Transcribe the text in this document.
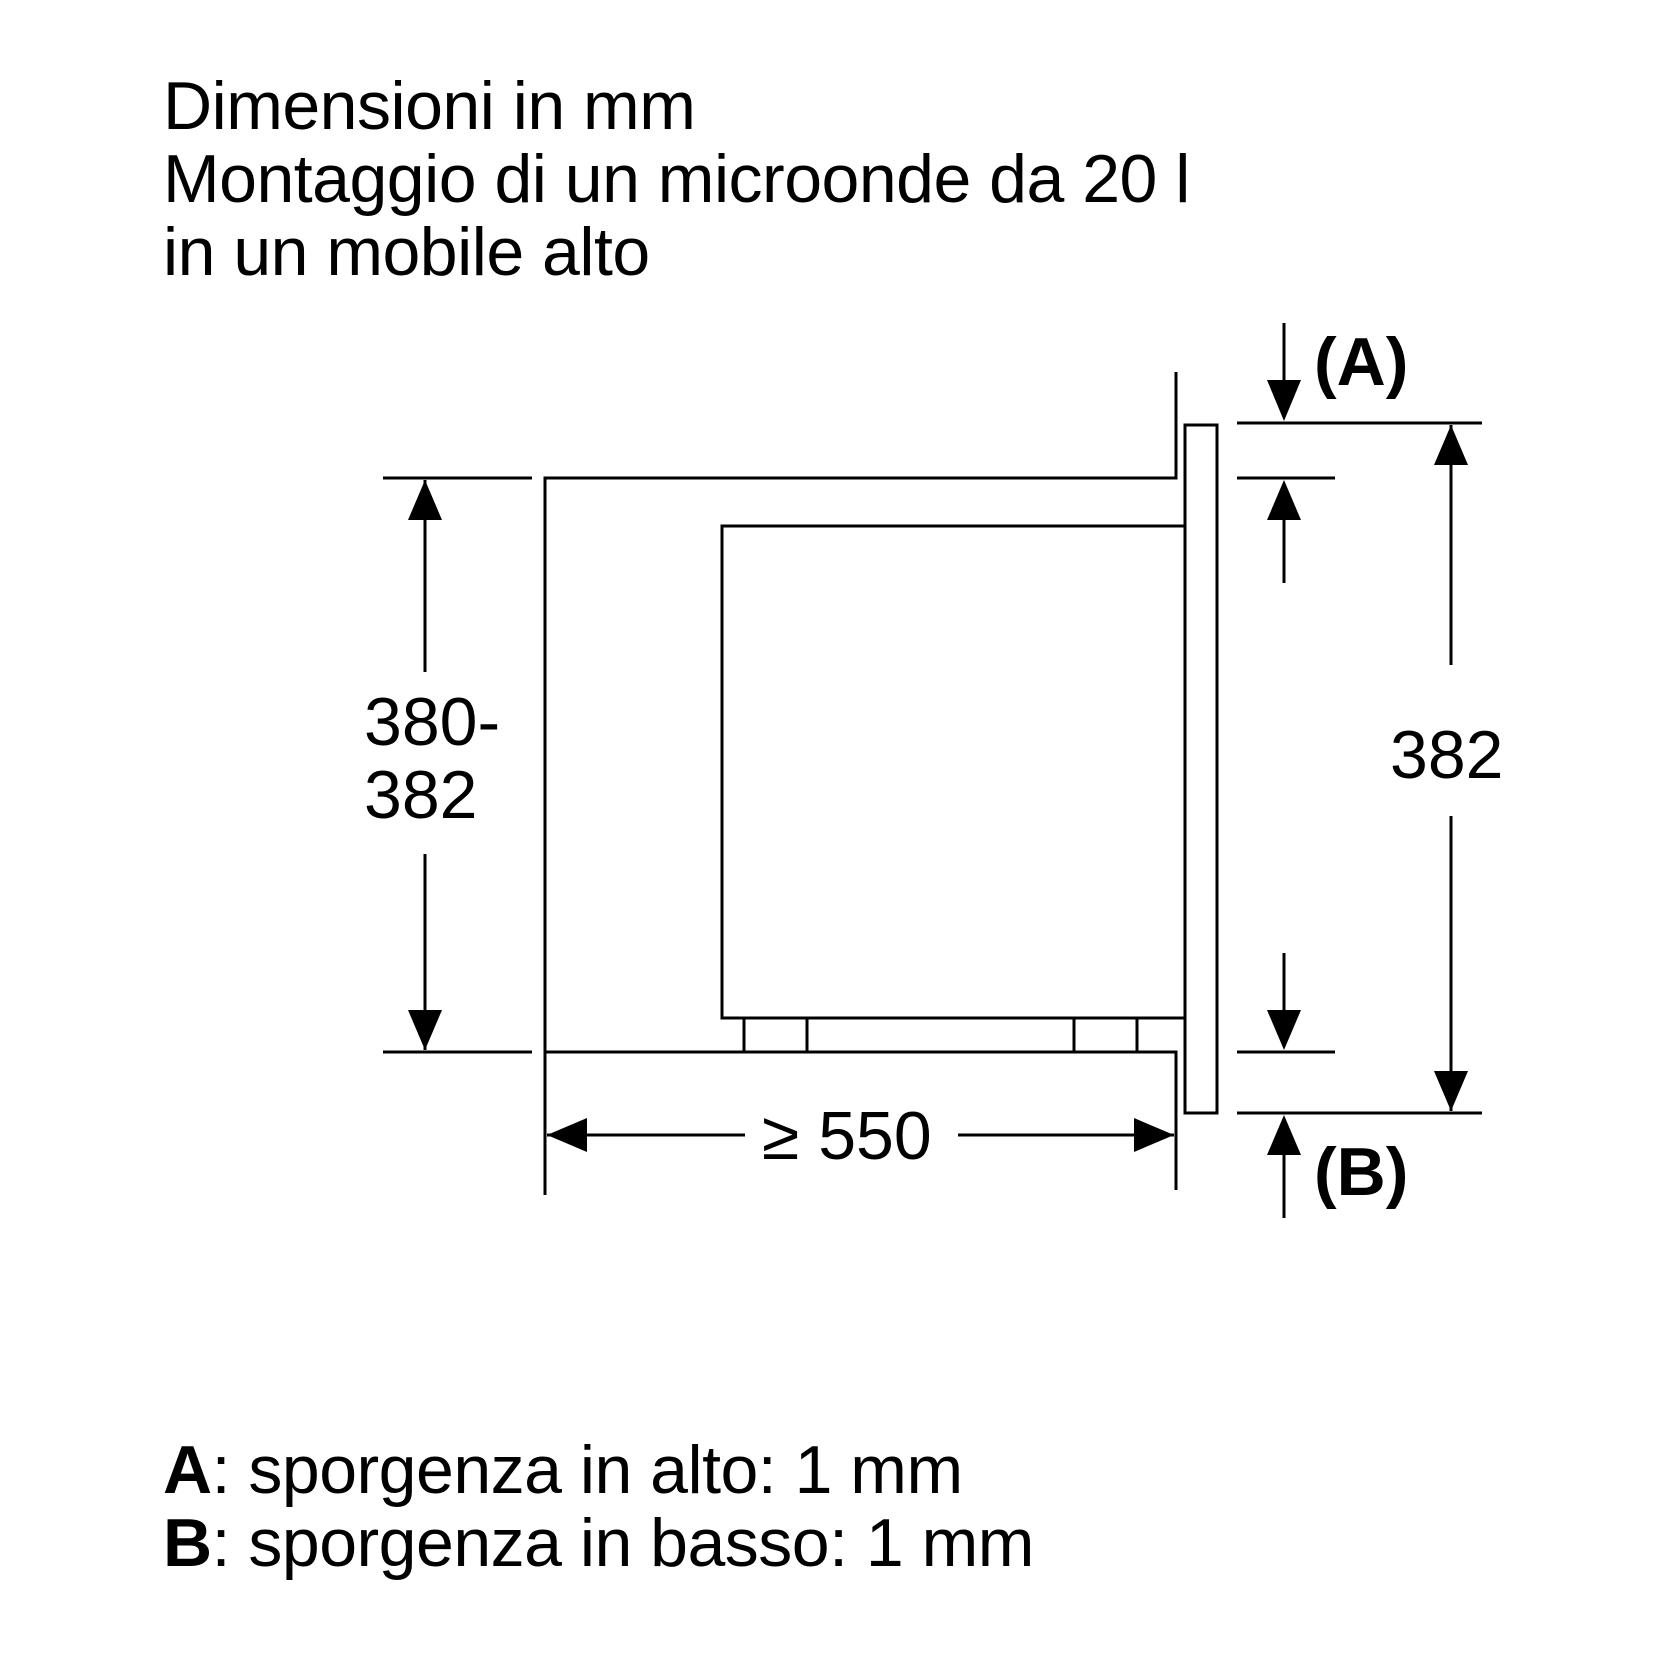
Dimensioni in mm
Montaggio di un microonde da 20 l
in un mobile alto
380-
382
382
≥ 550
(A)
(B)
A: sporgenza in alto: 1 mm
B: sporgenza in basso: 1 mm
